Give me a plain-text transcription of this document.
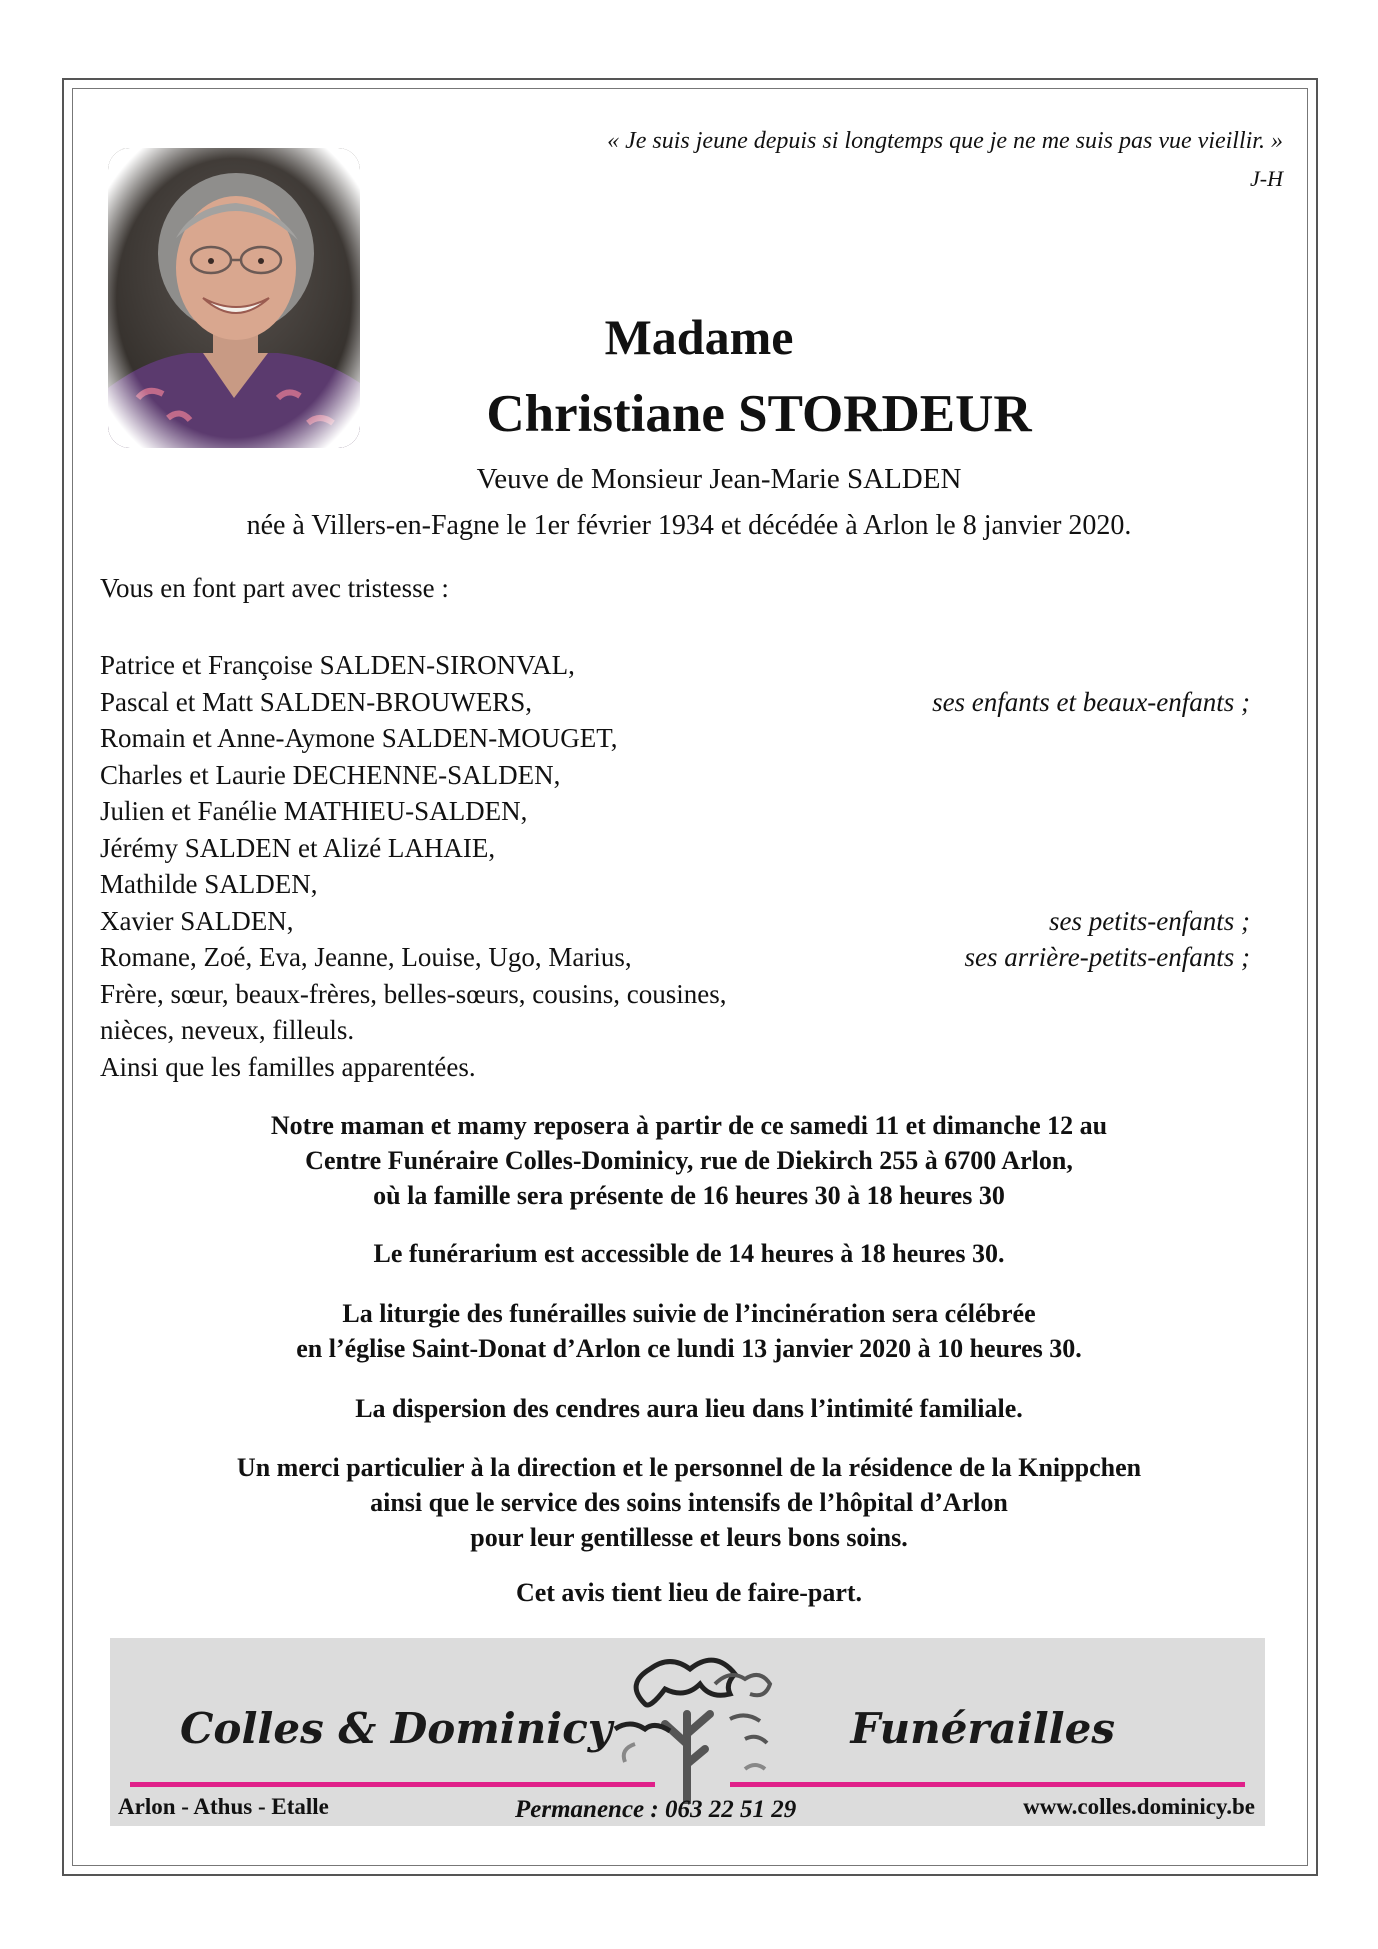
« Je suis jeune depuis si longtemps que je ne me suis pas vue vieillir. »
J-H
Madame
Christiane STORDEUR
Veuve de Monsieur Jean-Marie SALDEN
née à Villers-en-Fagne le 1er février 1934 et décédée à Arlon le 8 janvier 2020.
Vous en font part avec tristesse :
Patrice et Françoise SALDEN-SIRONVAL,
Pascal et Matt SALDEN-BROUWERS,	ses enfants et beaux-enfants ;
Romain et Anne-Aymone SALDEN-MOUGET,
Charles et Laurie DECHENNE-SALDEN,
Julien et Fanélie MATHIEU-SALDEN,
Jérémy SALDEN et Alizé LAHAIE,
Mathilde SALDEN,
Xavier SALDEN,	ses petits-enfants ;
Romane, Zoé, Eva, Jeanne, Louise, Ugo, Marius,	ses arrière-petits-enfants ;
Frère, sœur, beaux-frères, belles-sœurs, cousins, cousines,
nièces, neveux, filleuls.
Ainsi que les familles apparentées.
Notre maman et mamy reposera à partir de ce samedi 11 et dimanche 12 au
Centre Funéraire Colles-Dominicy, rue de Diekirch 255 à 6700 Arlon,
où la famille sera présente de 16 heures 30 à 18 heures 30
Le funérarium est accessible de 14 heures à 18 heures 30.
La liturgie des funérailles suivie de l’incinération sera célébrée
en l’église Saint-Donat d’Arlon ce lundi 13 janvier 2020 à 10 heures 30.
La dispersion des cendres aura lieu dans l’intimité familiale.
Un merci particulier à la direction et le personnel de la résidence de la Knippchen
ainsi que le service des soins intensifs de l’hôpital d’Arlon
pour leur gentillesse et leurs bons soins.
Cet avis tient lieu de faire-part.
Colles & Dominicy	Funérailles
Arlon - Athus - Etalle	Permanence : 063 22 51 29	www.colles.dominicy.be
